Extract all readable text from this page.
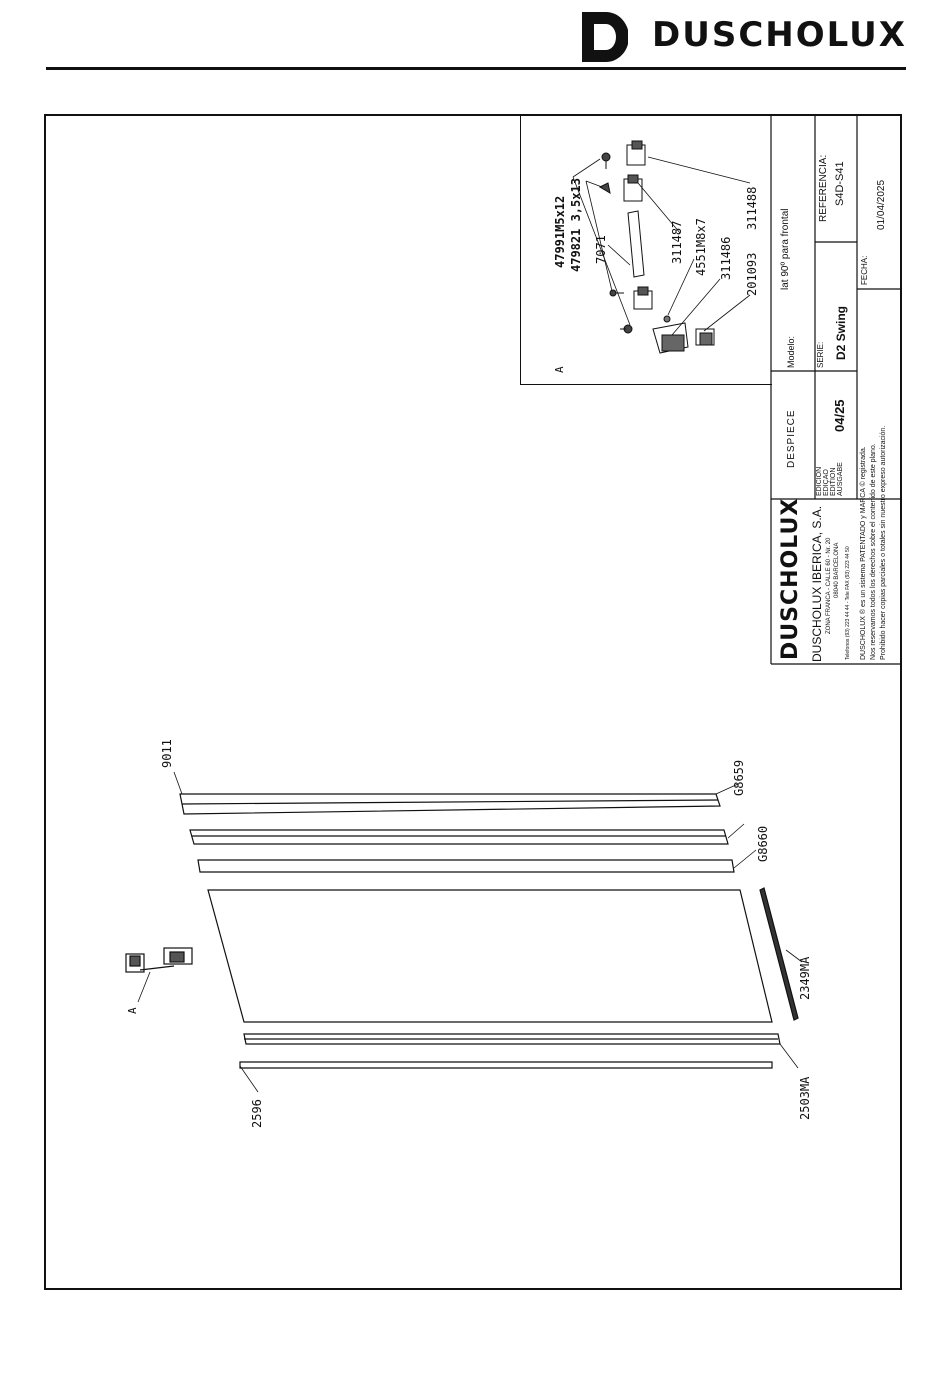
DUSCHOLUX
A
47991M5x12 479821 3,5x13 7071	311487 4551M8x7 311486 201093
311488
DUSCHOLUX DUSCHOLUX IBERICA, S.A. ZONA FRANCA - CALLE 60 - Nr. 20 08040 BARCELONA Telefonos (93) 223 44 44 - Tele FAX (93) 223 44 50
DESPIECE
EDICIÓN EDIÇAO EDITION AUSGABE
04/25
Modelo:
lat 90º para frontal
SERIE: D2 Swing
REFERENCIA: S4D-S41
FECHA:
01/04/2025
DUSCHOLUX ® es un sistema PATENTADO y MARCA © registrada. Nos reservamos todos los derechos sobre el contenido de este plano. Prohibido hacer copias parciales o totales sin nuestro expreso autorización.
9011
G8659
G8660
2349MA
2503MA
2596
A
